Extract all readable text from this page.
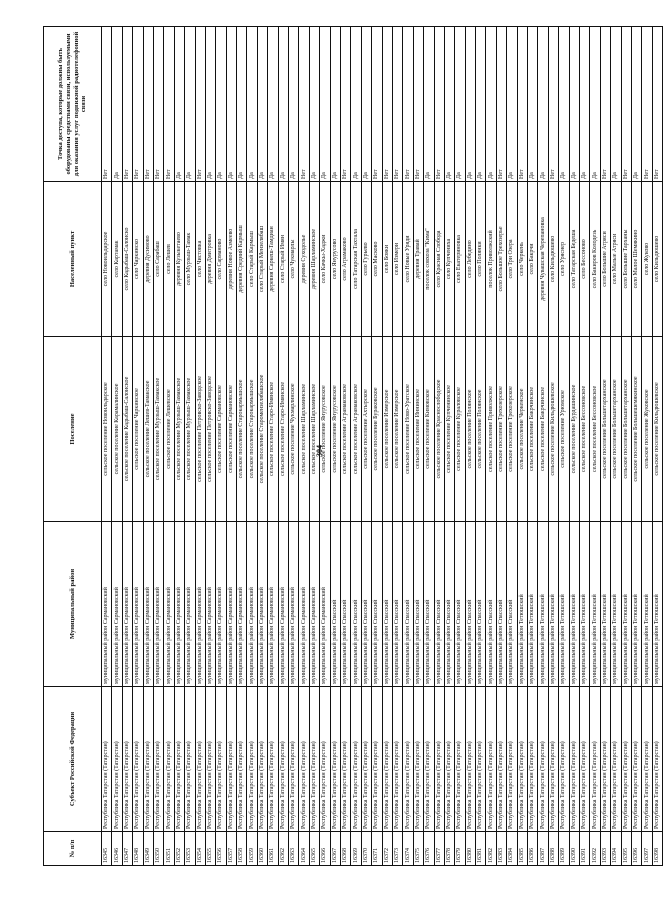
304
№ п/п	Субъект Российской Федерации	Муниципальный район	Поселение	Населенный пункт	Точка доступа, которые должны быть оборудованы средствами связи, используемыми для оказания услуг подвижной радиотелефонной связи
16345	Республика Татарстан (Татарстан)	муниципальный район Сармановский	сельское поселение Новоильдарское	село Новоильдарское	Нет
16346	Республика Татарстан (Татарстан)	муниципальный район Сармановский	сельское поселение Карамалинское	село Картамак	Да
16347	Республика Татарстан (Татарстан)	муниципальный район Сармановский	сельское поселение Кадыбаш-Салоиское	село Кадыбаш-Салоиско	Нет
16348	Республика Татарстан (Татарстан)	муниципальный район Сармановский	сельское поселение Чаркинское	село Чаркинско	Нет
16349	Республика Татарстан (Татарстан)	муниципальный район Сармановский	сельское поселение Лешев-Тамакское	деревня Дусимово	Нет
16350	Республика Татарстан (Татарстан)	муниципальный район Сармановский	сельское поселение Мурзыш-Тамакское	село Сарабаш	Нет
16351	Республика Татарстан (Татарстан)	муниципальный район Сармановский	сельское поселение Лешевское	село Лешев	Нет
16352	Республика Татарстан (Татарстан)	муниципальный район Сармановский	сельское поселение Мурзыш-Тамакское	деревня Кузыкетаево	Да
16353	Республика Татарстан (Татарстан)	муниципальный район Сармановский	сельское поселение Мурзыш-Тамакское	село Мурзыш-Тамак	Да
16354	Республика Татарстан (Татарстан)	муниципальный район Сармановский	сельское поселение Петровско-Заводское	село Чистовка	Нет
16355	Республика Татарстан (Татарстан)	муниципальный район Сармановский	сельское поселение Петровско-Заводское	деревня Дмитровка	Да
16356	Республика Татарстан (Татарстан)	муниципальный район Сармановский	сельское поселение Сармановское	село Сарманово	Да
16357	Республика Татарстан (Татарстан)	муниципальный район Сармановский	сельское поселение Сармановское	деревня Новое Азмеево	Да
16358	Республика Татарстан (Татарстан)	муниципальный район Сармановский	сельское поселение Старокармышское	деревня Средний Кармыш	Да
16359	Республика Татарстан (Татарстан)	муниципальный район Сармановский	сельское поселение Старокармышское	село Старый Кармыш	Да
16360	Республика Татарстан (Татарстан)	муниципальный район Сармановский	сельское поселение Старомензелябашское	село Старый Мензелябаш	Да
16361	Республика Татарстан (Татарстан)	муниципальный район Сармановский	сельское поселение Старо-Имянское	деревня Саркеш-Тамдиан	Да
16362	Республика Татарстан (Татарстан)	муниципальный район Сармановский	сельское поселение Старо-Имянское	село Старый Имян	Да
16363	Республика Татарстан (Татарстан)	муниципальный район Сармановский	сельское поселение Чукмарлинское	село Чукмарлы	Да
16364	Республика Татарстан (Татарстан)	муниципальный район Сармановский	сельское поселение Шарламинское	деревня Суходолье	Нет
16365	Республика Татарстан (Татарстан)	муниципальный район Сармановский	сельское поселение Шарламинское	деревня Шарламинское	Да
16366	Республика Татарстан (Татарстан)	муниципальный район Сармановский	сельское поселение Янурусовское	село Качкы-Хаджи	Да
16367	Республика Татарстан (Татарстан)	муниципальный район Спасский	сельское поселение Янурусовское	село Янурусово	Да
16368	Республика Татарстан (Татарстан)	муниципальный район Спасский	сельское поселение Аграмаковское	село Аграмаково	Нет
16369	Республика Татарстан (Татарстан)	муниципальный район Спасский	сельское поселение Аграмаковское	село Татарская Тахтала	Да
16370	Республика Татарстан (Татарстан)	муниципальный район Спасский	сельское поселение Ахтырское	село Гурьево	Да
16371	Республика Татарстан (Татарстан)	муниципальный район Спасский	сельское поселение Бураковское	село Масково	Нет
16372	Республика Татарстан (Татарстан)	муниципальный район Спасский	сельское поселение Измерское	село Бояки	Нет
16373	Республика Татарстан (Татарстан)	муниципальный район Спасский	сельское поселение Измерское	село Измери	Нет
16374	Республика Татарстан (Татарстан)	муниципальный район Спасский	сельское поселение Ново-Уратское	село Новые Уряди	Нет
16375	Республика Татарстан (Татарстан)	муниципальный район Спасский	сельское поселение Иннинское	деревня Травай	Нет
16376	Республика Татарстан (Татарстан)	муниципальный район Спасский	сельское поселение Кимовское	поселок совхоза "Кима"	Да
16377	Республика Татарстан (Татарстан)	муниципальный район Спасский	сельское поселение Краснослободское	село Красная Слобода	Нет
16378	Республика Татарстан (Татарстан)	муниципальный район Спасский	сельское поселение Купченинское	село Купчениха	Да
16379	Республика Татарстан (Татарстан)	муниципальный район Спасский	сельское поселение Кураловское	село Екатериновка	Да
16380	Республика Татарстан (Татарстан)	муниципальный район Спасский	сельское поселение Полянское	село Лебедино	Да
16381	Республика Татарстан (Татарстан)	муниципальный район Спасский	сельское поселение Полянское	село Полянки	Да
16382	Республика Татарстан (Татарстан)	муниципальный район Спасский	сельское поселение Приволжское	поселок Приволжский	Да
16383	Республика Татарстан (Татарстан)	муниципальный район Спасский	сельское поселение Трехозерское	село Большое Трехозерье	Нет
16384	Республика Татарстан (Татарстан)	муниципальный район Спасский	сельское поселение Трехозерское	село Три Озера	Да
16385	Республика Татарстан (Татарстан)	муниципальный район Тетюшский	сельское поселение Черкенское	село Черкень	Нет
16386	Республика Татарстан (Татарстан)	муниципальный район Тетюшский	сельское поселение Бакрчинское	село Бакрчи	Да
16387	Республика Татарстан (Татарстан)	муниципальный район Тетюшский	сельское поселение Бакрчинское	деревня Чувашская Черепановка	Да
16388	Республика Татарстан (Татарстан)	муниципальный район Тетюшский	сельское поселение Кильдюшевское	село Кильдюшево	Нет
16389	Республика Татарстан (Татарстан)	муниципальный район Тетюшский	сельское поселение Урюмское	село Уряснер	Да
16390	Республика Татарстан (Татарстан)	муниципальный район Тетюшский	сельское поселение Бурдашинское	село Татарская Бедеша	Да
16391	Республика Татарстан (Татарстан)	муниципальный район Тетюшский	сельское поселение Бессоновское	село Бессоново	Да
16392	Республика Татарстан (Татарстан)	муниципальный район Тетюшский	сельское поселение Бессоновское	село Бакиров Колодезь	Да
16393	Республика Татарстан (Татарстан)	муниципальный район Тетюшский	сельское поселение Большетарханское	село Большие Атряси	Нет
16394	Республика Татарстан (Татарстан)	муниципальный район Тетюшский	сельское поселение Большетарханское	село Малые Атряси	Да
16395	Республика Татарстан (Татарстан)	муниципальный район Тетюшский	сельское поселение Большетарханское	село Большие Тарханы	Нет
16396	Республика Татарстан (Татарстан)	муниципальный район Тетюшский	сельское поселение Большешемякинское	село Малое Шемякино	Да
16397	Республика Татарстан (Татарстан)	муниципальный район Тетюшский	сельское поселение Жуковское	село Жуково	Нет
16398	Республика Татарстан (Татарстан)	муниципальный район Тетюшский	сельское поселение Кильдюшевское	село Кильдюшево	Нет
